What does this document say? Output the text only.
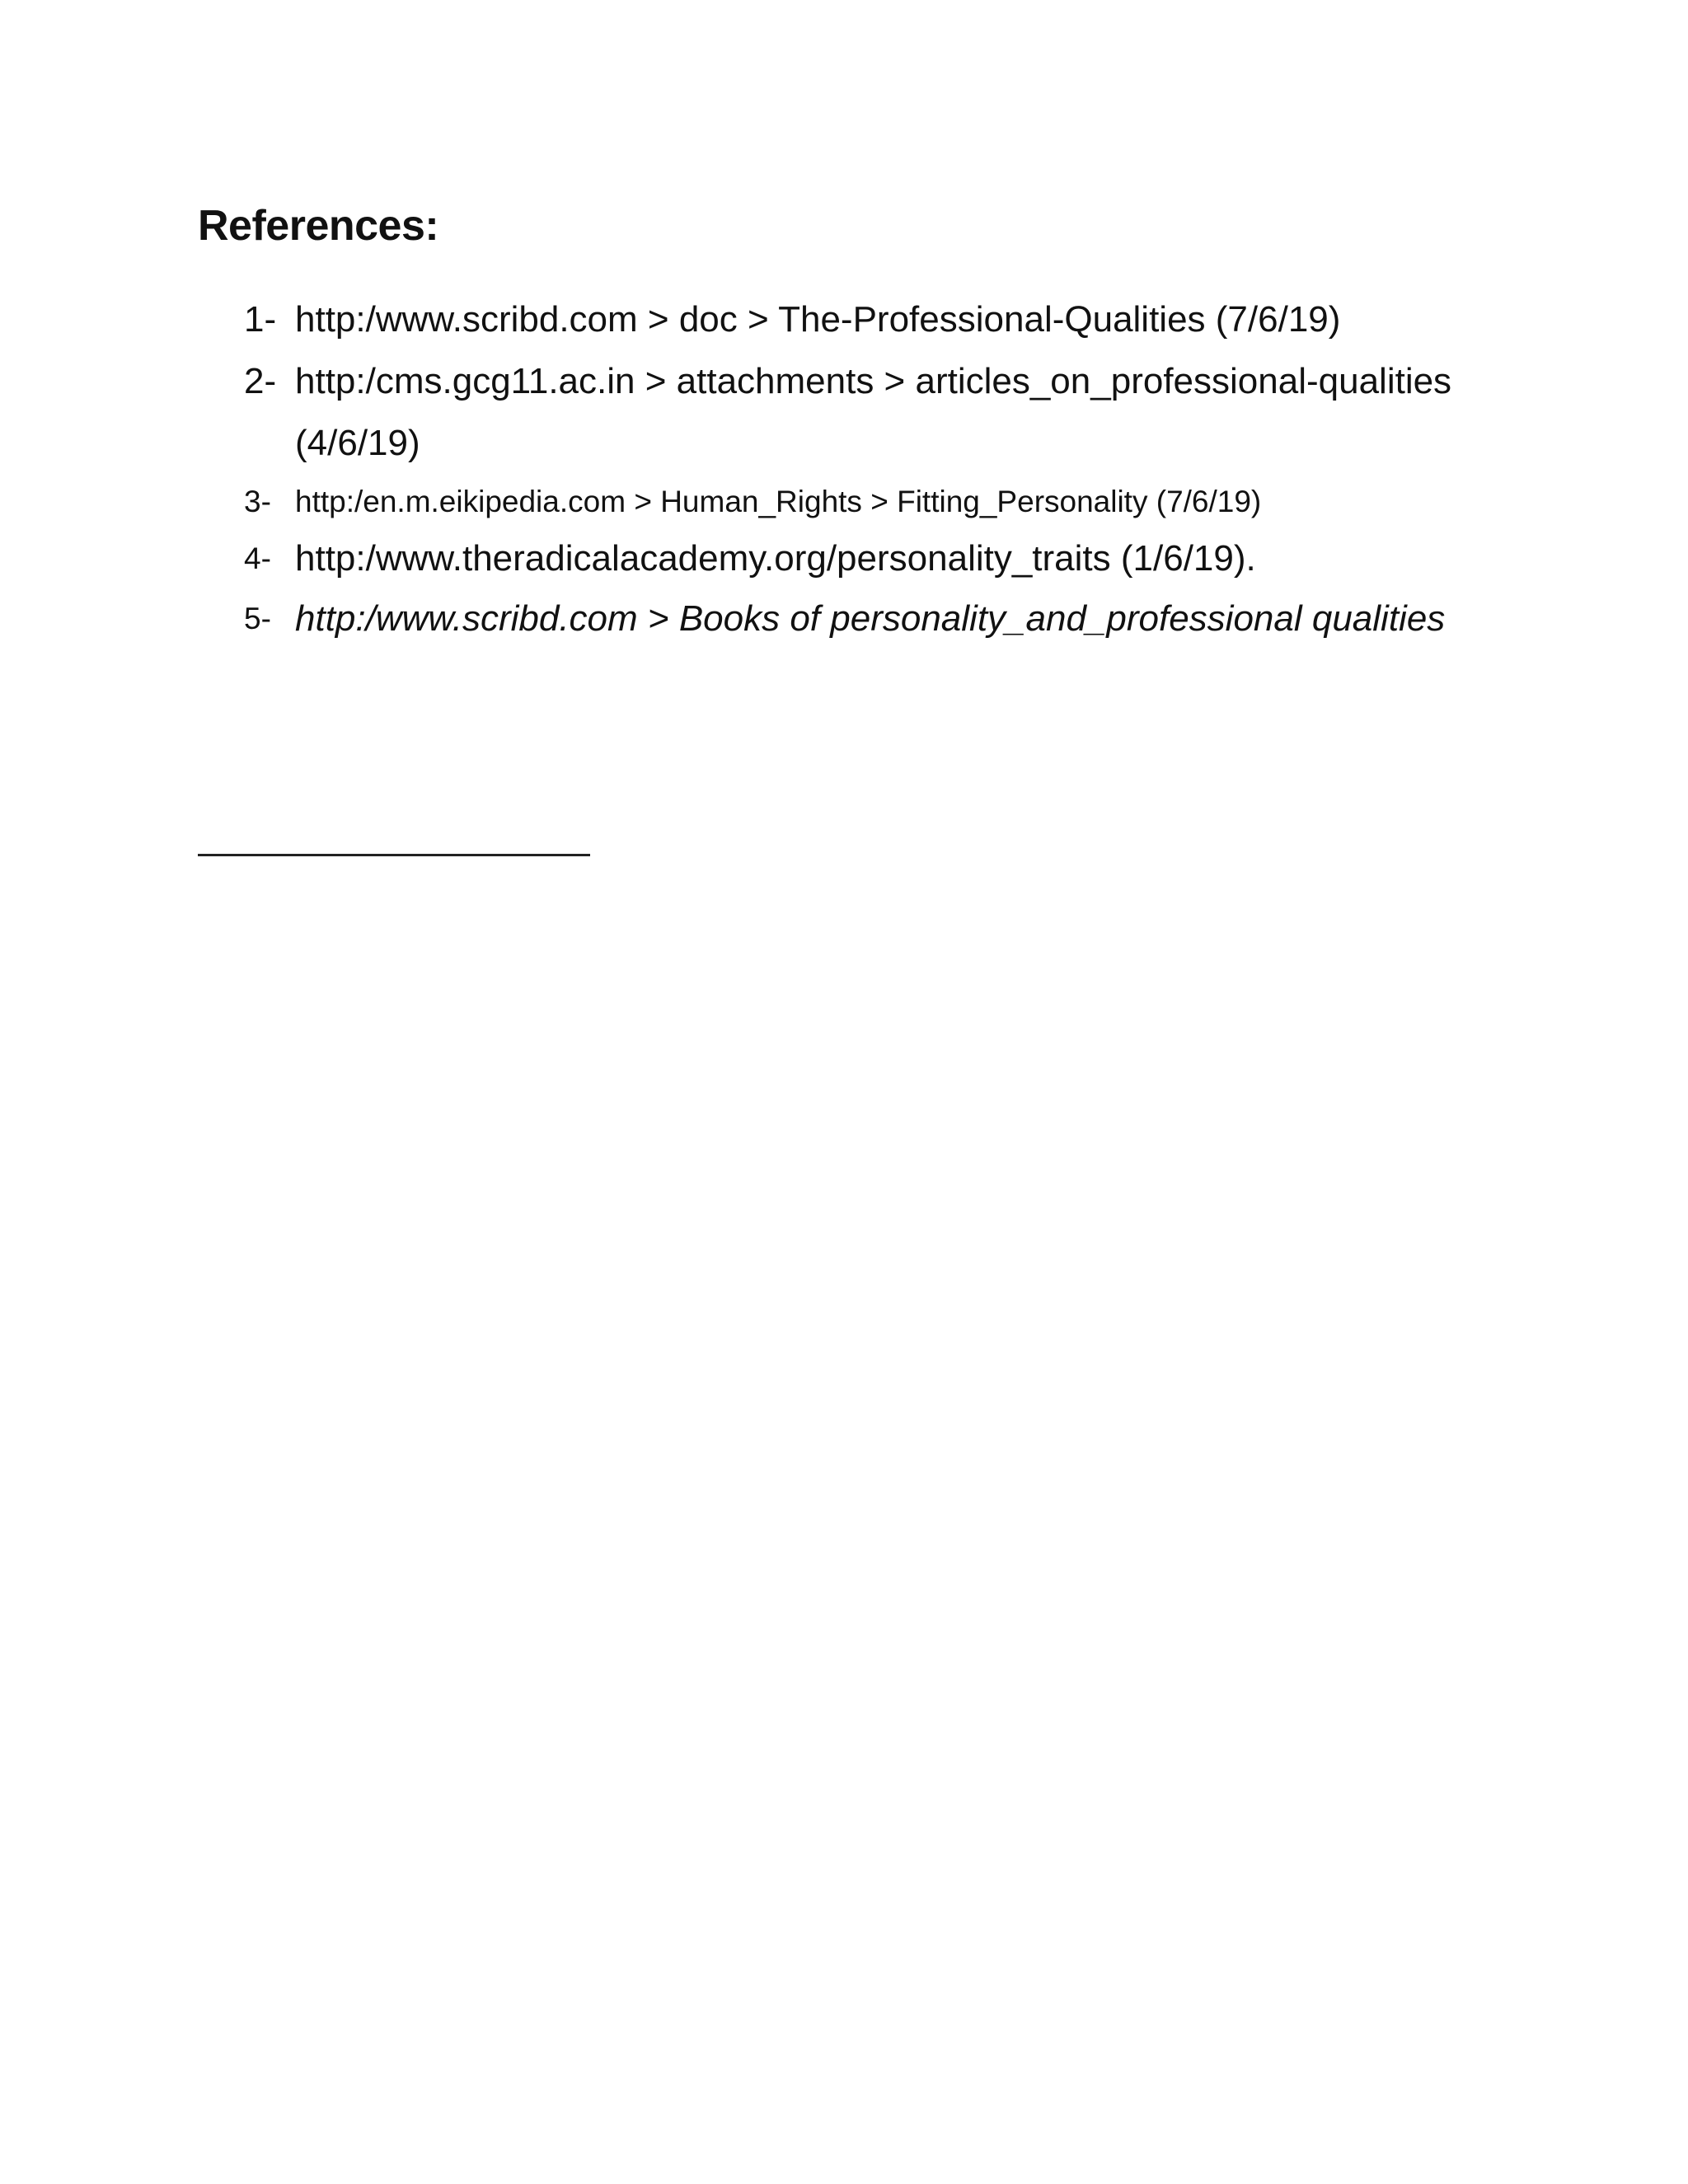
References:
1- http:/www.scribd.com > doc > The-Professional-Qualities (7/6/19)
2- http:/cms.gcg11.ac.in > attachments > articles_on_professional-qualities (4/6/19)
3- http:/en.m.eikipedia.com > Human_Rights > Fitting_Personality (7/6/19)
4- http:/www.theradicalacademy.org/personality_traits (1/6/19).
5- http:/www.scribd.com > Books of personality_and_professional qualities
